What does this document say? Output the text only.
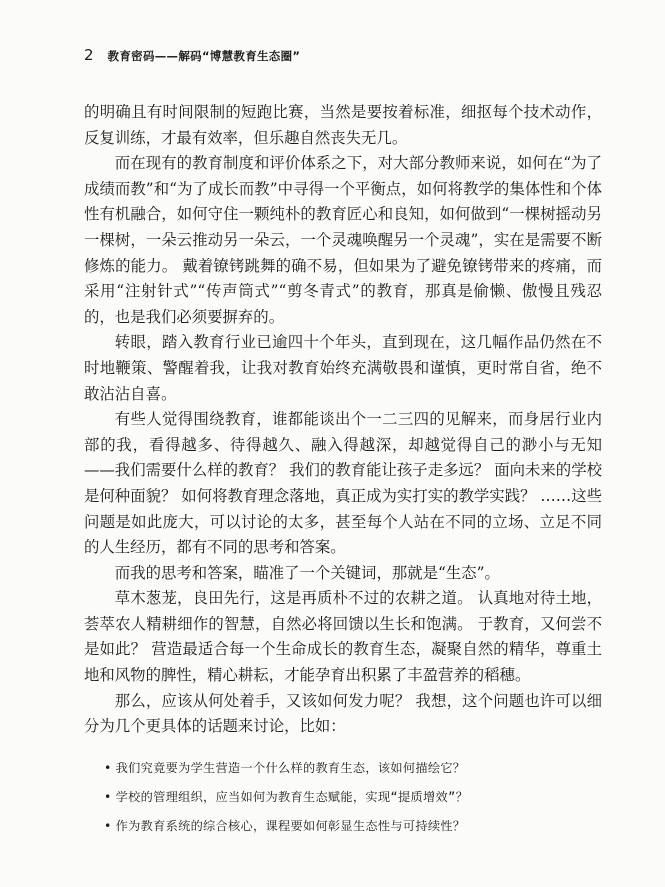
2 教育密码——解码“博慧教育生态圈”

的明确且有时间限制的短跑比赛，当然是要按着标准，细抠每个技术动作，反复训练，才最有效率，但乐趣自然丧失无几。

而在现有的教育制度和评价体系之下，对大部分教师来说，如何在“为了成绩而教”和“为了成长而教”中寻得一个平衡点，如何将教学的集体性和个体性有机融合，如何守住一颗纯朴的教育匠心和良知，如何做到“一棵树摇动另一棵树，一朵云推动另一朵云，一个灵魂唤醒另一个灵魂”，实在是需要不断修炼的能力。 戴着镣铐跳舞的确不易，但如果为了避免镣铐带来的疼痛，而采用“注射针式”“传声筒式”“剪冬青式”的教育，那真是偷懒、傲慢且残忍的，也是我们必须要摒弃的。

转眼，踏入教育行业已逾四十个年头，直到现在，这几幅作品仍然在不时地鞭策、警醒着我，让我对教育始终充满敬畏和谨慎，更时常自省，绝不敢沾沾自喜。

有些人觉得围绕教育，谁都能谈出个一二三四的见解来，而身居行业内部的我，看得越多、待得越久、融入得越深，却越觉得自己的渺小与无知——我们需要什么样的教育？ 我们的教育能让孩子走多远？ 面向未来的学校是何种面貌？ 如何将教育理念落地，真正成为实打实的教学实践？ ……这些问题是如此庞大，可以讨论的太多，甚至每个人站在不同的立场、立足不同的人生经历，都有不同的思考和答案。

而我的思考和答案，瞄准了一个关键词，那就是“生态”。

草木葱茏，良田先行，这是再质朴不过的农耕之道。 认真地对待土地，荟萃农人精耕细作的智慧，自然必将回馈以生长和饱满。 于教育，又何尝不是如此？ 营造最适合每一个生命成长的教育生态，凝聚自然的精华，尊重土地和风物的脾性，精心耕耘，才能孕育出积累了丰盈营养的稻穗。

那么，应该从何处着手，又该如何发力呢？ 我想，这个问题也许可以细分为几个更具体的话题来讨论，比如：

• 我们究竟要为学生营造一个什么样的教育生态，该如何描绘它？
• 学校的管理组织，应当如何为教育生态赋能，实现“提质增效”？
• 作为教育系统的综合核心，课程要如何彰显生态性与可持续性？
